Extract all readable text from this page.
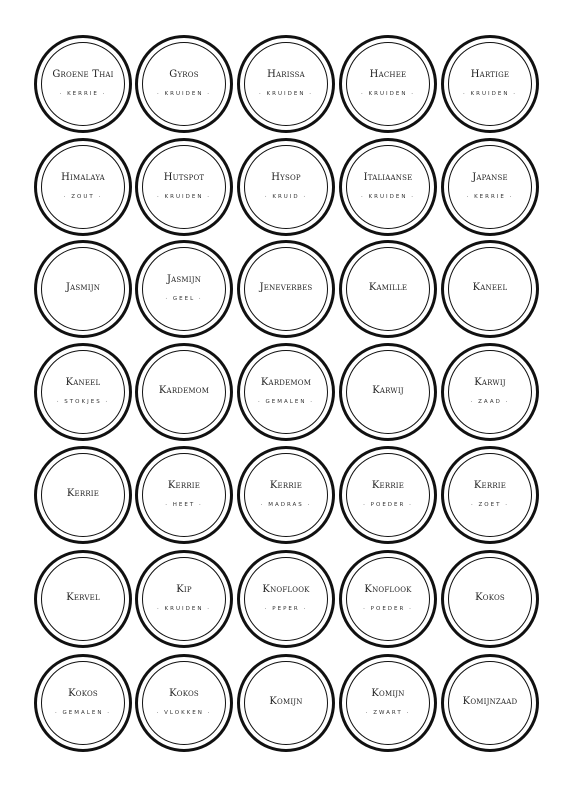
Groene Thai
· KERRIE ·
Gyros
· KRUIDEN ·
Harissa
· KRUIDEN ·
Hachee
· KRUIDEN ·
Hartige
· KRUIDEN ·
Himalaya
· ZOUT ·
Hutspot
· KRUIDEN ·
Hysop
· KRUID ·
Italiaanse
· KRUIDEN ·
Japanse
· KERRIE ·
Jasmijn
Jasmijn
· GEEL ·
Jeneverbes	Kamille	Kaneel
Kaneel
· STOKJES ·
Kardemom
Kardemom
· GEMALEN ·
Karwij
Karwij
· ZAAD ·
Kerrie
Kerrie
· HEET ·
Kerrie
· MADRAS ·
Kerrie
· POEDER ·
Kerrie
· ZOET ·
Kervel
Kip
· KRUIDEN ·
Knoflook
· PEPER ·
Knoflook
· POEDER ·
Kokos
Kokos
· GEMALEN ·
Kokos
· VLOKKEN ·
Komijn
Komijn
· ZWART ·
Komijnzaad
